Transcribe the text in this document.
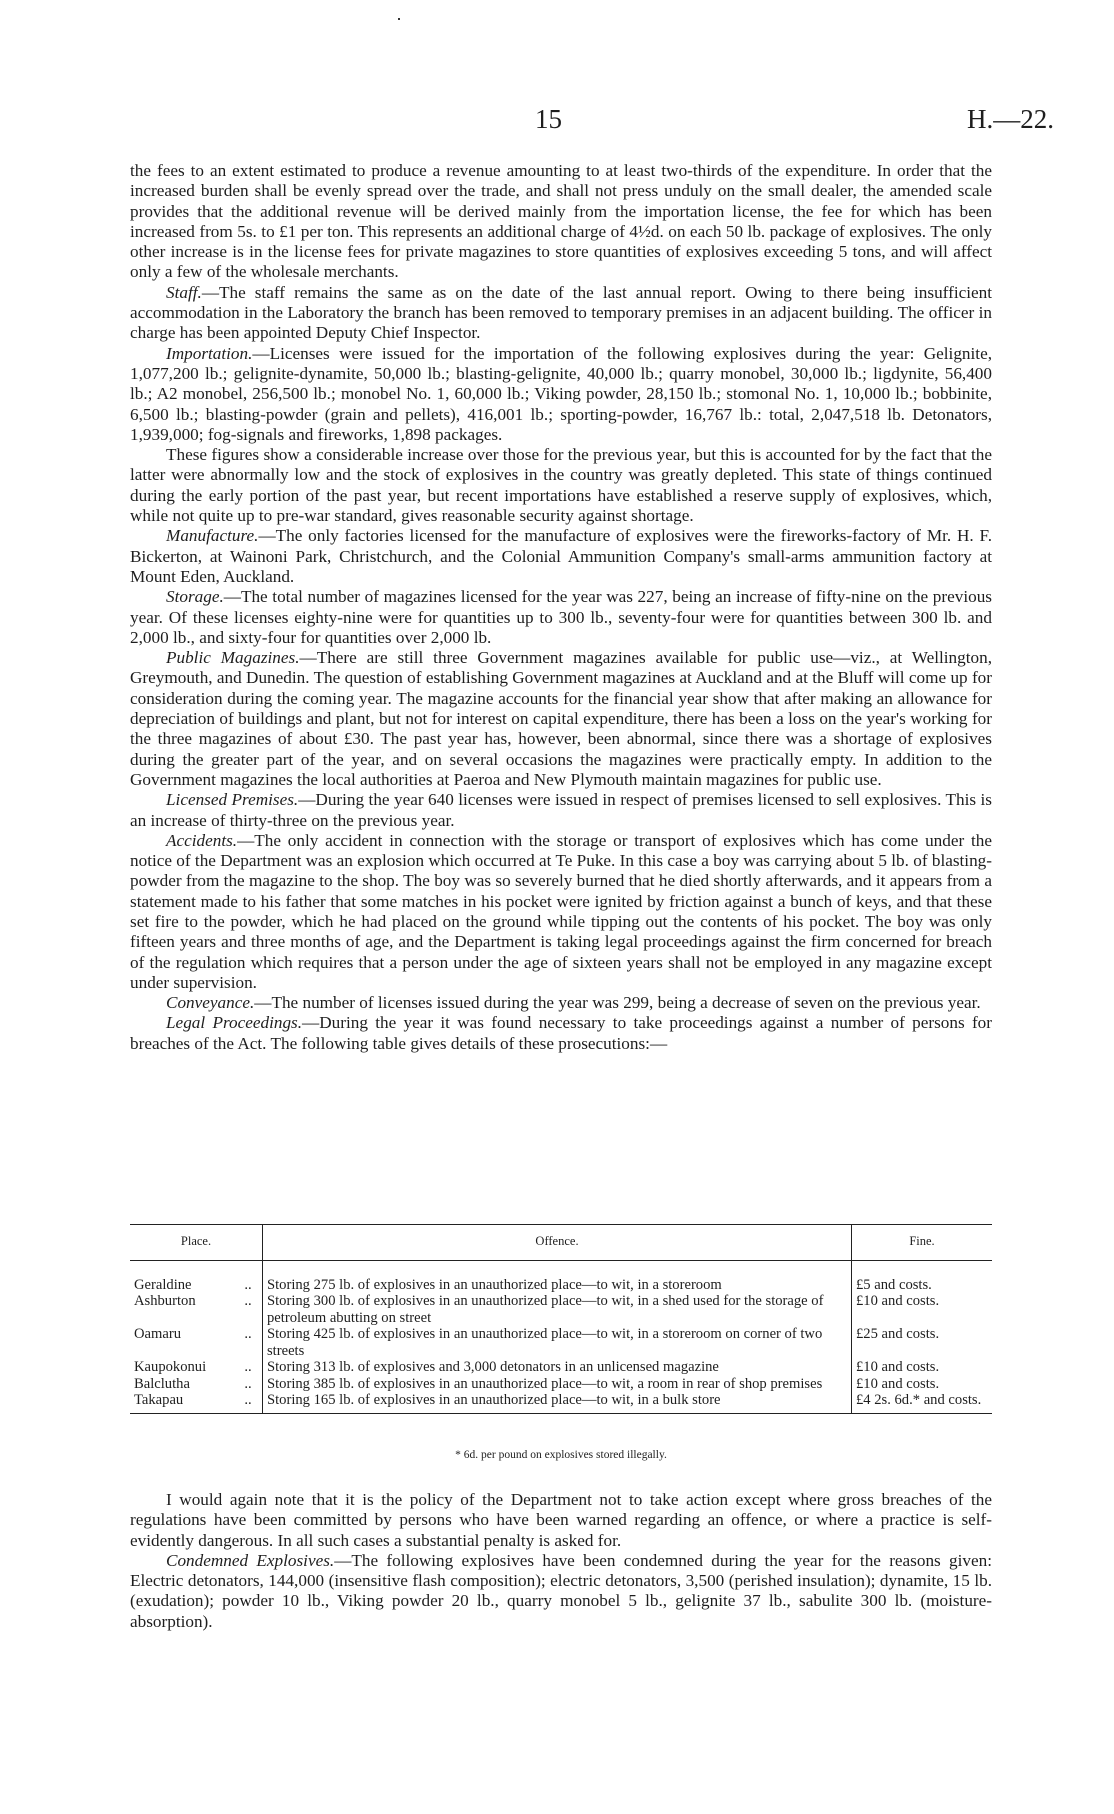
15	H.—22.

the fees to an extent estimated to produce a revenue amounting to at least two-thirds of the expenditure. In order that the increased burden shall be evenly spread over the trade, and shall not press unduly on the small dealer, the amended scale provides that the additional revenue will be derived mainly from the importation license, the fee for which has been increased from 5s. to £1 per ton. This represents an additional charge of 4½d. on each 50 lb. package of explosives. The only other increase is in the license fees for private magazines to store quantities of explosives exceeding 5 tons, and will affect only a few of the wholesale merchants.

Staff.—The staff remains the same as on the date of the last annual report. Owing to there being insufficient accommodation in the Laboratory the branch has been removed to temporary premises in an adjacent building. The officer in charge has been appointed Deputy Chief Inspector.

Importation.—Licenses were issued for the importation of the following explosives during the year: Gelignite, 1,077,200 lb.; gelignite-dynamite, 50,000 lb.; blasting-gelignite, 40,000 lb.; quarry monobel, 30,000 lb.; ligdynite, 56,400 lb.; A2 monobel, 256,500 lb.; monobel No. 1, 60,000 lb.; Viking powder, 28,150 lb.; stomonal No. 1, 10,000 lb.; bobbinite, 6,500 lb.; blasting-powder (grain and pellets), 416,001 lb.; sporting-powder, 16,767 lb.: total, 2,047,518 lb. Detonators, 1,939,000; fog-signals and fireworks, 1,898 packages.

These figures show a considerable increase over those for the previous year, but this is accounted for by the fact that the latter were abnormally low and the stock of explosives in the country was greatly depleted. This state of things continued during the early portion of the past year, but recent importations have established a reserve supply of explosives, which, while not quite up to pre-war standard, gives reasonable security against shortage.

Manufacture.—The only factories licensed for the manufacture of explosives were the fireworks-factory of Mr. H. F. Bickerton, at Wainoni Park, Christchurch, and the Colonial Ammunition Company's small-arms ammunition factory at Mount Eden, Auckland.

Storage.—The total number of magazines licensed for the year was 227, being an increase of fifty-nine on the previous year. Of these licenses eighty-nine were for quantities up to 300 lb., seventy-four were for quantities between 300 lb. and 2,000 lb., and sixty-four for quantities over 2,000 lb.

Public Magazines.—There are still three Government magazines available for public use—viz., at Wellington, Greymouth, and Dunedin. The question of establishing Government magazines at Auckland and at the Bluff will come up for consideration during the coming year. The magazine accounts for the financial year show that after making an allowance for depreciation of buildings and plant, but not for interest on capital expenditure, there has been a loss on the year's working for the three magazines of about £30. The past year has, however, been abnormal, since there was a shortage of explosives during the greater part of the year, and on several occasions the magazines were practically empty. In addition to the Government magazines the local authorities at Paeroa and New Plymouth maintain magazines for public use.

Licensed Premises.—During the year 640 licenses were issued in respect of premises licensed to sell explosives. This is an increase of thirty-three on the previous year.

Accidents.—The only accident in connection with the storage or transport of explosives which has come under the notice of the Department was an explosion which occurred at Te Puke. In this case a boy was carrying about 5 lb. of blasting-powder from the magazine to the shop. The boy was so severely burned that he died shortly afterwards, and it appears from a statement made to his father that some matches in his pocket were ignited by friction against a bunch of keys, and that these set fire to the powder, which he had placed on the ground while tipping out the contents of his pocket. The boy was only fifteen years and three months of age, and the Department is taking legal proceedings against the firm concerned for breach of the regulation which requires that a person under the age of sixteen years shall not be employed in any magazine except under supervision.

Conveyance.—The number of licenses issued during the year was 299, being a decrease of seven on the previous year.

Legal Proceedings.—During the year it was found necessary to take proceedings against a number of persons for breaches of the Act. The following table gives details of these prosecutions:—

Place.		Offence.	Fine.
Geraldine	..	Storing 275 lb. of explosives in an unauthorized place—to wit, in a storeroom	£5 and costs.
Ashburton	..	Storing 300 lb. of explosives in an unauthorized place—to wit, in a shed used for the storage of petroleum abutting on street	£10 and costs.
Oamaru	..	Storing 425 lb. of explosives in an unauthorized place—to wit, in a storeroom on corner of two streets	£25 and costs.
Kaupokonui	..	Storing 313 lb. of explosives and 3,000 detonators in an unlicensed magazine	£10 and costs.
Balclutha	..	Storing 385 lb. of explosives in an unauthorized place—to wit, a room in rear of shop premises	£10 and costs.
Takapau	..	Storing 165 lb. of explosives in an unauthorized place—to wit, in a bulk store	£4 2s. 6d.* and costs.
* 6d. per pound on explosives stored illegally.

I would again note that it is the policy of the Department not to take action except where gross breaches of the regulations have been committed by persons who have been warned regarding an offence, or where a practice is self-evidently dangerous. In all such cases a substantial penalty is asked for.

Condemned Explosives.—The following explosives have been condemned during the year for the reasons given: Electric detonators, 144,000 (insensitive flash composition); electric detonators, 3,500 (perished insulation); dynamite, 15 lb. (exudation); powder 10 lb., Viking powder 20 lb., quarry monobel 5 lb., gelignite 37 lb., sabulite 300 lb. (moisture-absorption).
